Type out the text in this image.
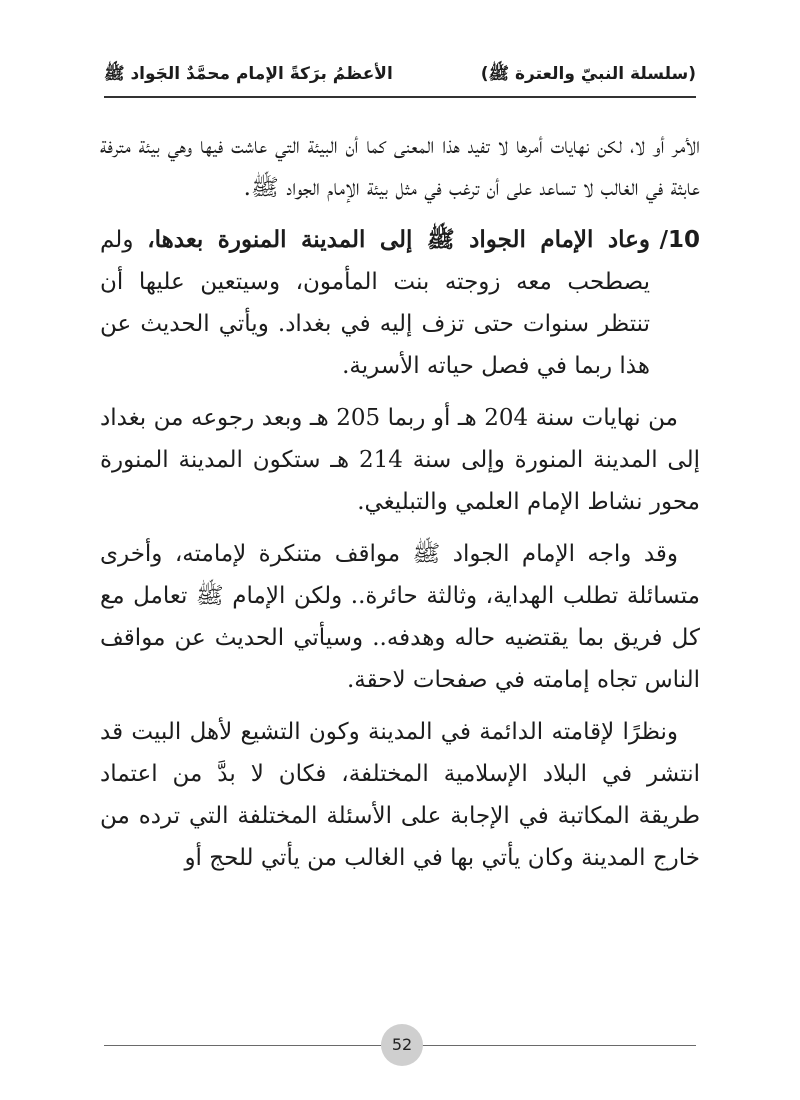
(سلسلة النبيّ والعترة ﷺ)
الأعظمُ برَكةً الإمام محمَّدٌ الجَواد ﷺ

الأمر أو لا، لكن نهايات أمرها لا تفيد هذا المعنى كما أن البيئة التي عاشت فيها وهي بيئة مترفة عابثة في الغالب لا تساعد على أن ترغب في مثل بيئة الإمام الجواد ﷺ.

10/
وعاد الإمام الجواد ﷺ إلى المدينة المنورة بعدها، ولم يصطحب معه زوجته بنت المأمون، وسيتعين عليها أن تنتظر سنوات حتى تزف إليه في بغداد. ويأتي الحديث عن هذا ربما في فصل حياته الأسرية.

من نهايات سنة 204 هـ أو ربما 205 هـ وبعد رجوعه من بغداد إلى المدينة المنورة وإلى سنة 214 هـ ستكون المدينة المنورة محور نشاط الإمام العلمي والتبليغي.

وقد واجه الإمام الجواد ﷺ مواقف متنكرة لإمامته، وأخرى متسائلة تطلب الهداية، وثالثة حائرة.. ولكن الإمام ﷺ تعامل مع كل فريق بما يقتضيه حاله وهدفه.. وسيأتي الحديث عن مواقف الناس تجاه إمامته في صفحات لاحقة.

ونظرًا لإقامته الدائمة في المدينة وكون التشيع لأهل البيت قد انتشر في البلاد الإسلامية المختلفة، فكان لا بدَّ من اعتماد طريقة المكاتبة في الإجابة على الأسئلة المختلفة التي ترده من خارج المدينة وكان يأتي بها في الغالب من يأتي للحج أو

52
